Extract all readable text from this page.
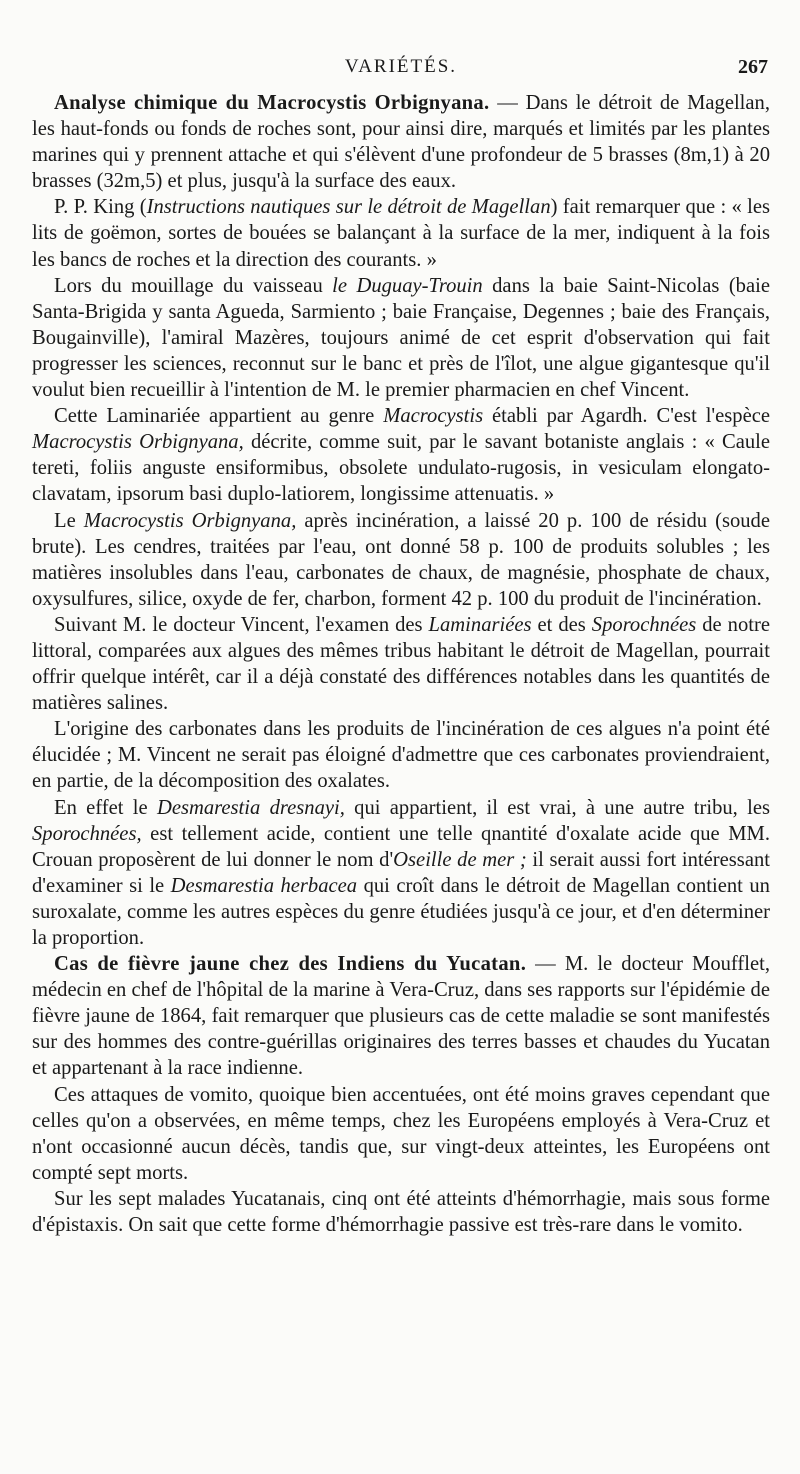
VARIÉTÉS.	267

Analyse chimique du Macrocystis Orbignyana. — Dans le détroit de Magellan, les haut-fonds ou fonds de roches sont, pour ainsi dire, marqués et limités par les plantes marines qui y prennent attache et qui s'élèvent d'une profondeur de 5 brasses (8m,1) à 20 brasses (32m,5) et plus, jusqu'à la surface des eaux.

P. P. King (Instructions nautiques sur le détroit de Magellan) fait remarquer que : « les lits de goëmon, sortes de bouées se balançant à la surface de la mer, indiquent à la fois les bancs de roches et la direction des courants. »

Lors du mouillage du vaisseau le Duguay-Trouin dans la baie Saint-Nicolas (baie Santa-Brigida y santa Agueda, Sarmiento ; baie Française, Degennes ; baie des Français, Bougainville), l'amiral Mazères, toujours animé de cet esprit d'observation qui fait progresser les sciences, reconnut sur le banc et près de l'îlot, une algue gigantesque qu'il voulut bien recueillir à l'intention de M. le premier pharmacien en chef Vincent.

Cette Laminariée appartient au genre Macrocystis établi par Agardh. C'est l'espèce Macrocystis Orbignyana, décrite, comme suit, par le savant botaniste anglais : « Caule tereti, foliis anguste ensiformibus, obsolete undulato-rugosis, in vesiculam elongato-clavatam, ipsorum basi duplo-latiorem, longissime attenuatis. »

Le Macrocystis Orbignyana, après incinération, a laissé 20 p. 100 de résidu (soude brute). Les cendres, traitées par l'eau, ont donné 58 p. 100 de produits solubles ; les matières insolubles dans l'eau, carbonates de chaux, de magnésie, phosphate de chaux, oxysulfures, silice, oxyde de fer, charbon, forment 42 p. 100 du produit de l'incinération.

Suivant M. le docteur Vincent, l'examen des Laminariées et des Sporochnées de notre littoral, comparées aux algues des mêmes tribus habitant le détroit de Magellan, pourrait offrir quelque intérêt, car il a déjà constaté des différences notables dans les quantités de matières salines.

L'origine des carbonates dans les produits de l'incinération de ces algues n'a point été élucidée ; M. Vincent ne serait pas éloigné d'admettre que ces carbonates proviendraient, en partie, de la décomposition des oxalates.

En effet le Desmarestia dresnayi, qui appartient, il est vrai, à une autre tribu, les Sporochnées, est tellement acide, contient une telle qnantité d'oxalate acide que MM. Crouan proposèrent de lui donner le nom d'Oseille de mer ; il serait aussi fort intéressant d'examiner si le Desmarestia herbacea qui croît dans le détroit de Magellan contient un suroxalate, comme les autres espèces du genre étudiées jusqu'à ce jour, et d'en déterminer la proportion.

Cas de fièvre jaune chez des Indiens du Yucatan. — M. le docteur Moufflet, médecin en chef de l'hôpital de la marine à Vera-Cruz, dans ses rapports sur l'épidémie de fièvre jaune de 1864, fait remarquer que plusieurs cas de cette maladie se sont manifestés sur des hommes des contre-guérillas originaires des terres basses et chaudes du Yucatan et appartenant à la race indienne.

Ces attaques de vomito, quoique bien accentuées, ont été moins graves cependant que celles qu'on a observées, en même temps, chez les Européens employés à Vera-Cruz et n'ont occasionné aucun décès, tandis que, sur vingt-deux atteintes, les Européens ont compté sept morts.

Sur les sept malades Yucatanais, cinq ont été atteints d'hémorrhagie, mais sous forme d'épistaxis. On sait que cette forme d'hémorrhagie passive est très-rare dans le vomito.
